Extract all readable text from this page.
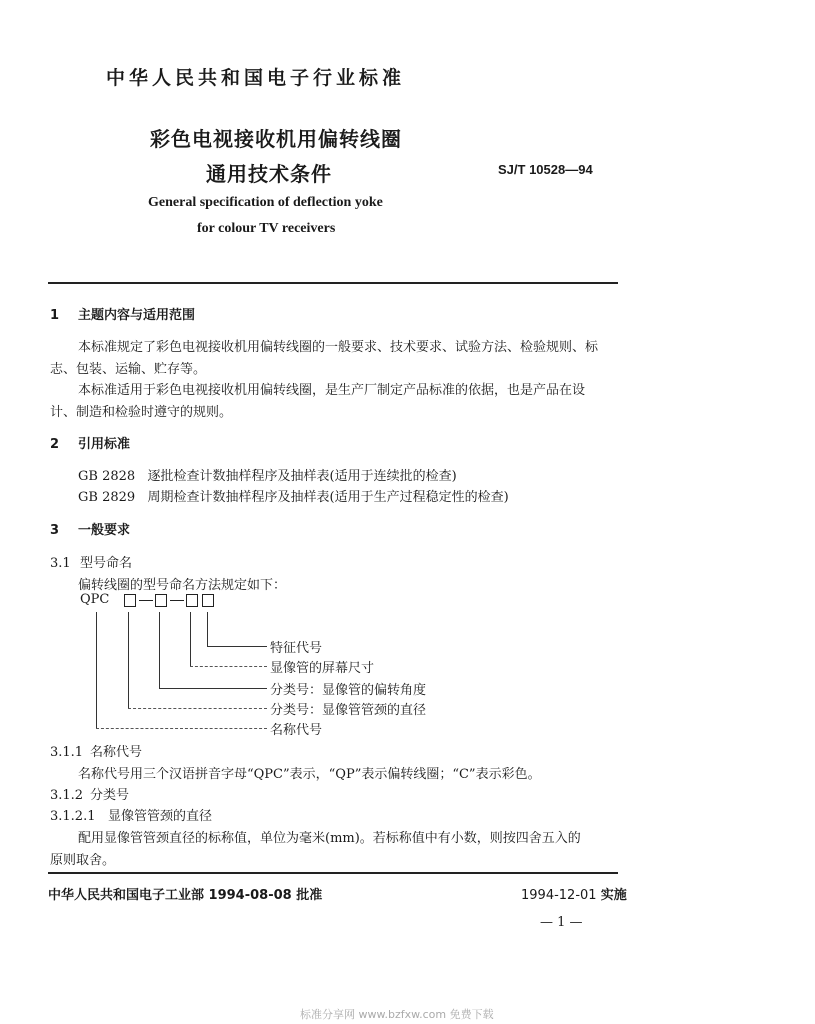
中华人民共和国电子行业标准
彩色电视接收机用偏转线圈
通用技术条件	SJ/T 10528—94
General specification of deflection yoke
for colour TV receivers
1 主题内容与适用范围
本标准规定了彩色电视接收机用偏转线圈的一般要求、技术要求、试验方法、检验规则、标
志、包装、运输、贮存等。
本标准适用于彩色电视接收机用偏转线圈，是生产厂制定产品标准的依据，也是产品在设
计、制造和检验时遵守的规则。
2 引用标准
GB 2828   逐批检查计数抽样程序及抽样表(适用于连续批的检查)
GB 2829   周期检查计数抽样程序及抽样表(适用于生产过程稳定性的检查)
3 一般要求
3.1 型号命名
偏转线圈的型号命名方法规定如下：
QPC
特征代号
显像管的屏幕尺寸
分类号：显像管的偏转角度
分类号：显像管管颈的直径
名称代号
3.1.1 名称代号
名称代号用三个汉语拼音字母“QPC”表示，“QP”表示偏转线圈；“C”表示彩色。
3.1.2 分类号
3.1.2.1 显像管管颈的直径
配用显像管管颈直径的标称值，单位为毫米(mm)。若标称值中有小数，则按四舍五入的
原则取舍。
中华人民共和国电子工业部 1994-08-08 批准	1994-12-01 实施
— 1 —
标准分享网 www.bzfxw.com 免费下载
